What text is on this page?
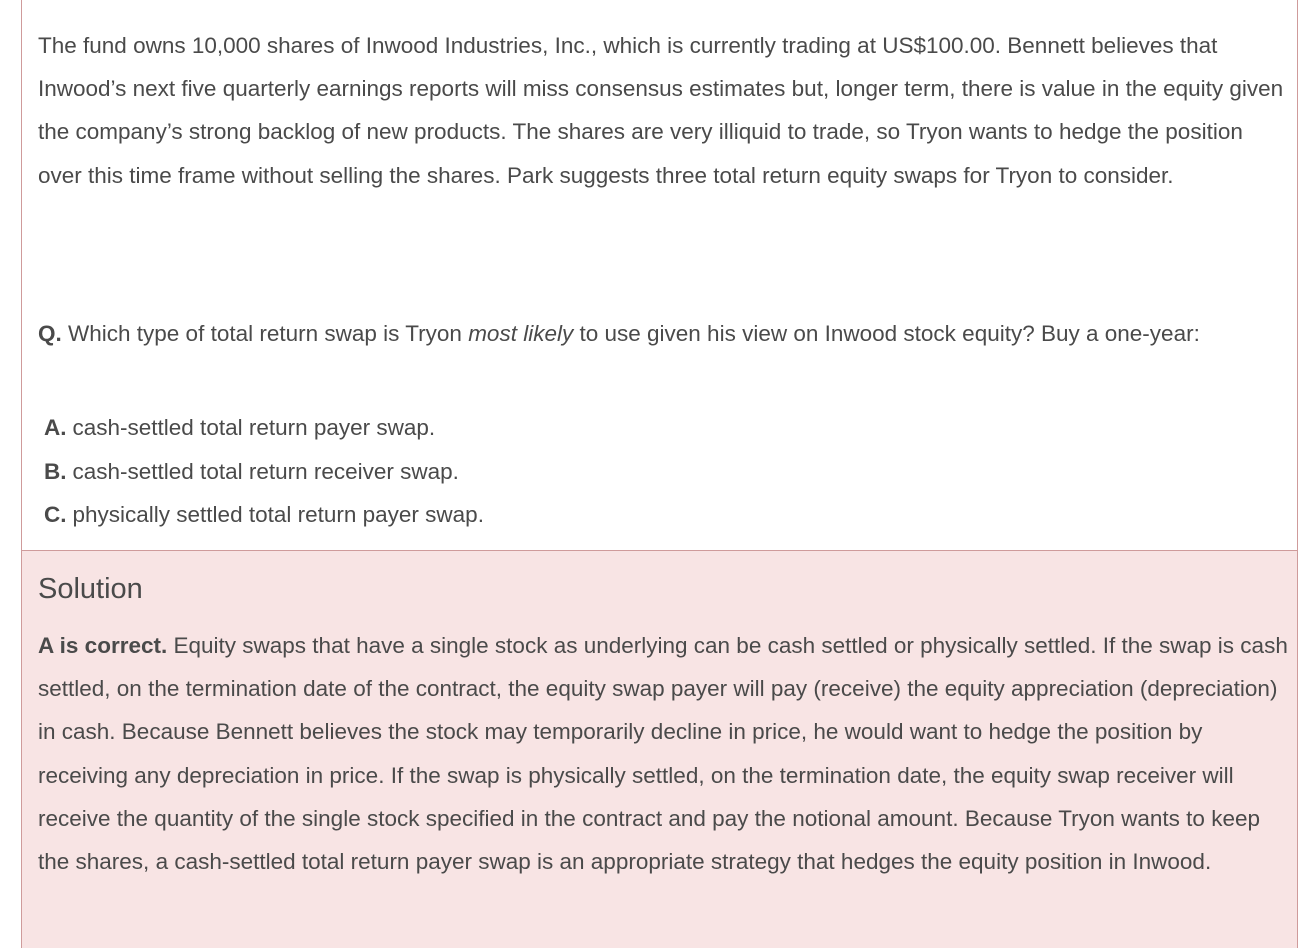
The fund owns 10,000 shares of Inwood Industries, Inc., which is currently trading at US$100.00. Bennett believes that Inwood’s next five quarterly earnings reports will miss consensus estimates but, longer term, there is value in the equity given the company’s strong backlog of new products. The shares are very illiquid to trade, so Tryon wants to hedge the position over this time frame without selling the shares. Park suggests three total return equity swaps for Tryon to consider.

Q. Which type of total return swap is Tryon most likely to use given his view on Inwood stock equity? Buy a one-year:

A. cash-settled total return payer swap.
B. cash-settled total return receiver swap.
C. physically settled total return payer swap.
Solution

A is correct. Equity swaps that have a single stock as underlying can be cash settled or physically settled. If the swap is cash settled, on the termination date of the contract, the equity swap payer will pay (receive) the equity appreciation (depreciation) in cash. Because Bennett believes the stock may temporarily decline in price, he would want to hedge the position by receiving any depreciation in price. If the swap is physically settled, on the termination date, the equity swap receiver will receive the quantity of the single stock specified in the contract and pay the notional amount. Because Tryon wants to keep the shares, a cash-settled total return payer swap is an appropriate strategy that hedges the equity position in Inwood.
